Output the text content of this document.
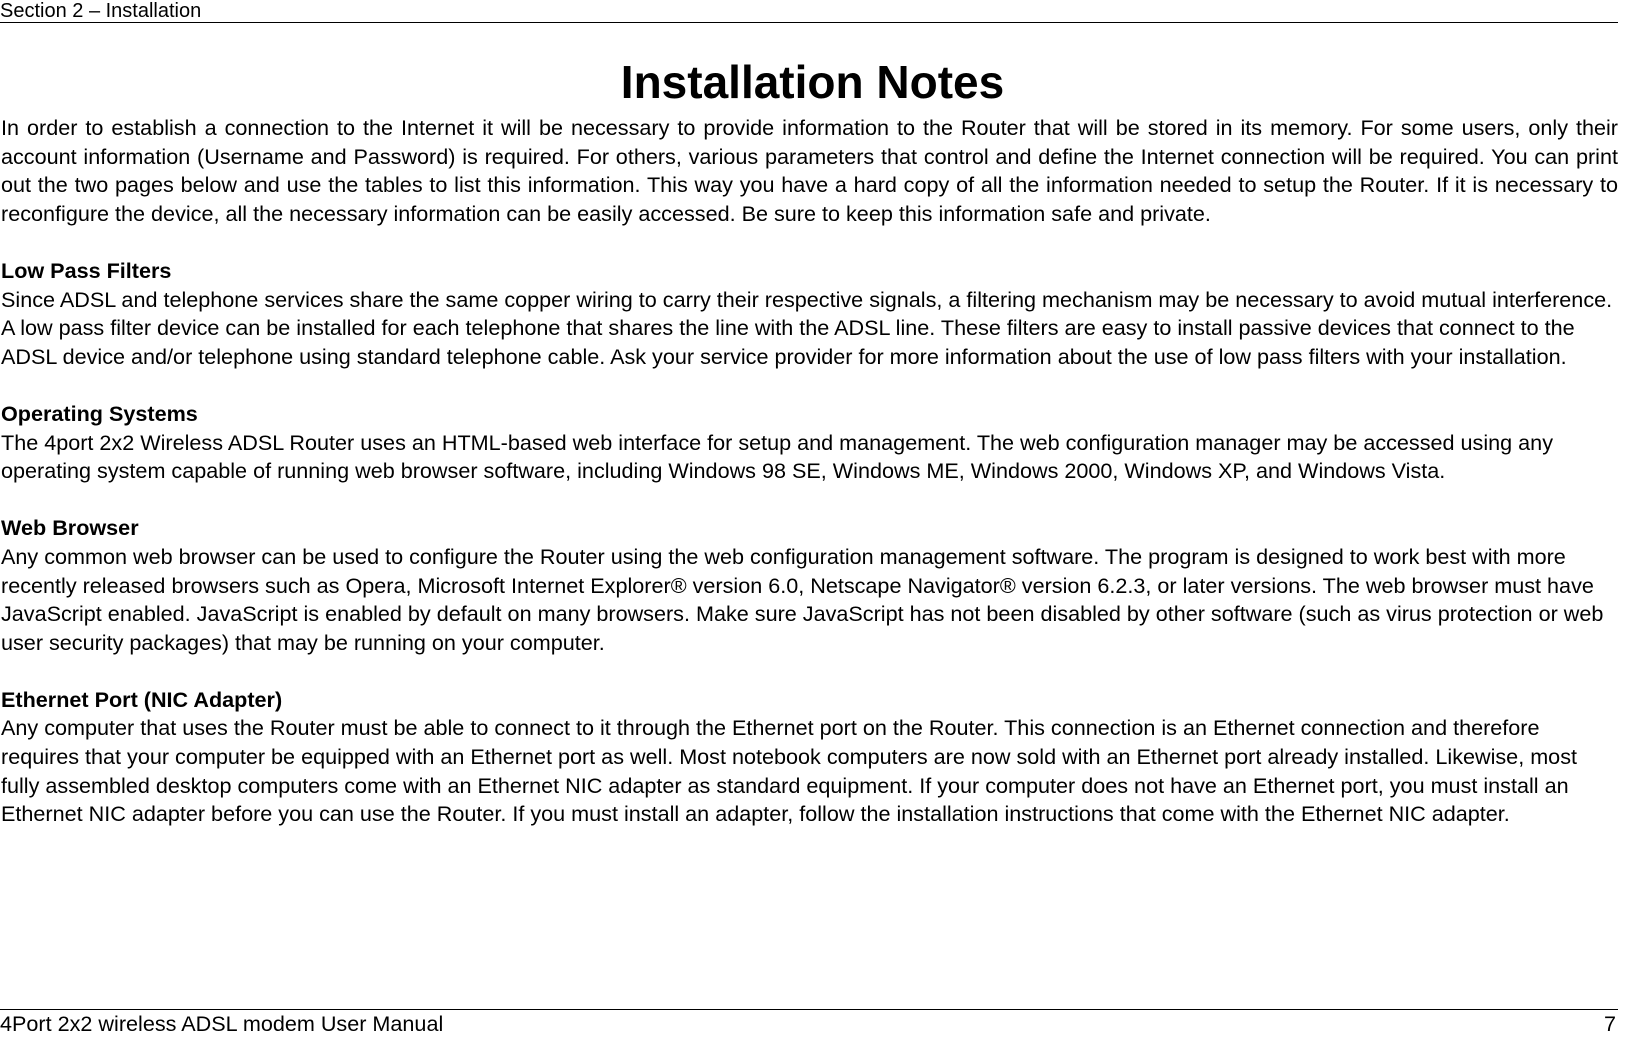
Section 2 – Installation
Installation Notes

In order to establish a connection to the Internet it will be necessary to provide information to the Router that will be stored in its memory. For some users, only their account information (Username and Password) is required. For others, various parameters that control and define the Internet connection will be required. You can print out the two pages below and use the tables to list this information. This way you have a hard copy of all the information needed to setup the Router. If it is necessary to reconfigure the device, all the necessary information can be easily accessed. Be sure to keep this information safe and private.

Low Pass Filters

Since ADSL and telephone services share the same copper wiring to carry their respective signals, a filtering mechanism may be necessary to avoid mutual interference. A low pass filter device can be installed for each telephone that shares the line with the ADSL line. These filters are easy to install passive devices that connect to the ADSL device and/or telephone using standard telephone cable. Ask your service provider for more information about the use of low pass filters with your installation.

Operating Systems

The 4port 2x2 Wireless ADSL Router uses an HTML-based web interface for setup and management. The web configuration manager may be accessed using any operating system capable of running web browser software, including Windows 98 SE, Windows ME, Windows 2000, Windows XP, and Windows Vista.

Web Browser

Any common web browser can be used to configure the Router using the web configuration management software. The program is designed to work best with more recently released browsers such as Opera, Microsoft Internet Explorer® version 6.0, Netscape Navigator® version 6.2.3, or later versions. The web browser must have JavaScript enabled. JavaScript is enabled by default on many browsers. Make sure JavaScript has not been disabled by other software (such as virus protection or web user security packages) that may be running on your computer.

Ethernet Port (NIC Adapter)

Any computer that uses the Router must be able to connect to it through the Ethernet port on the Router. This connection is an Ethernet connection and therefore requires that your computer be equipped with an Ethernet port as well. Most notebook computers are now sold with an Ethernet port already installed. Likewise, most fully assembled desktop computers come with an Ethernet NIC adapter as standard equipment. If your computer does not have an Ethernet port, you must install an Ethernet NIC adapter before you can use the Router. If you must install an adapter, follow the installation instructions that come with the Ethernet NIC adapter.

4Port 2x2 wireless ADSL modem User Manual	7
